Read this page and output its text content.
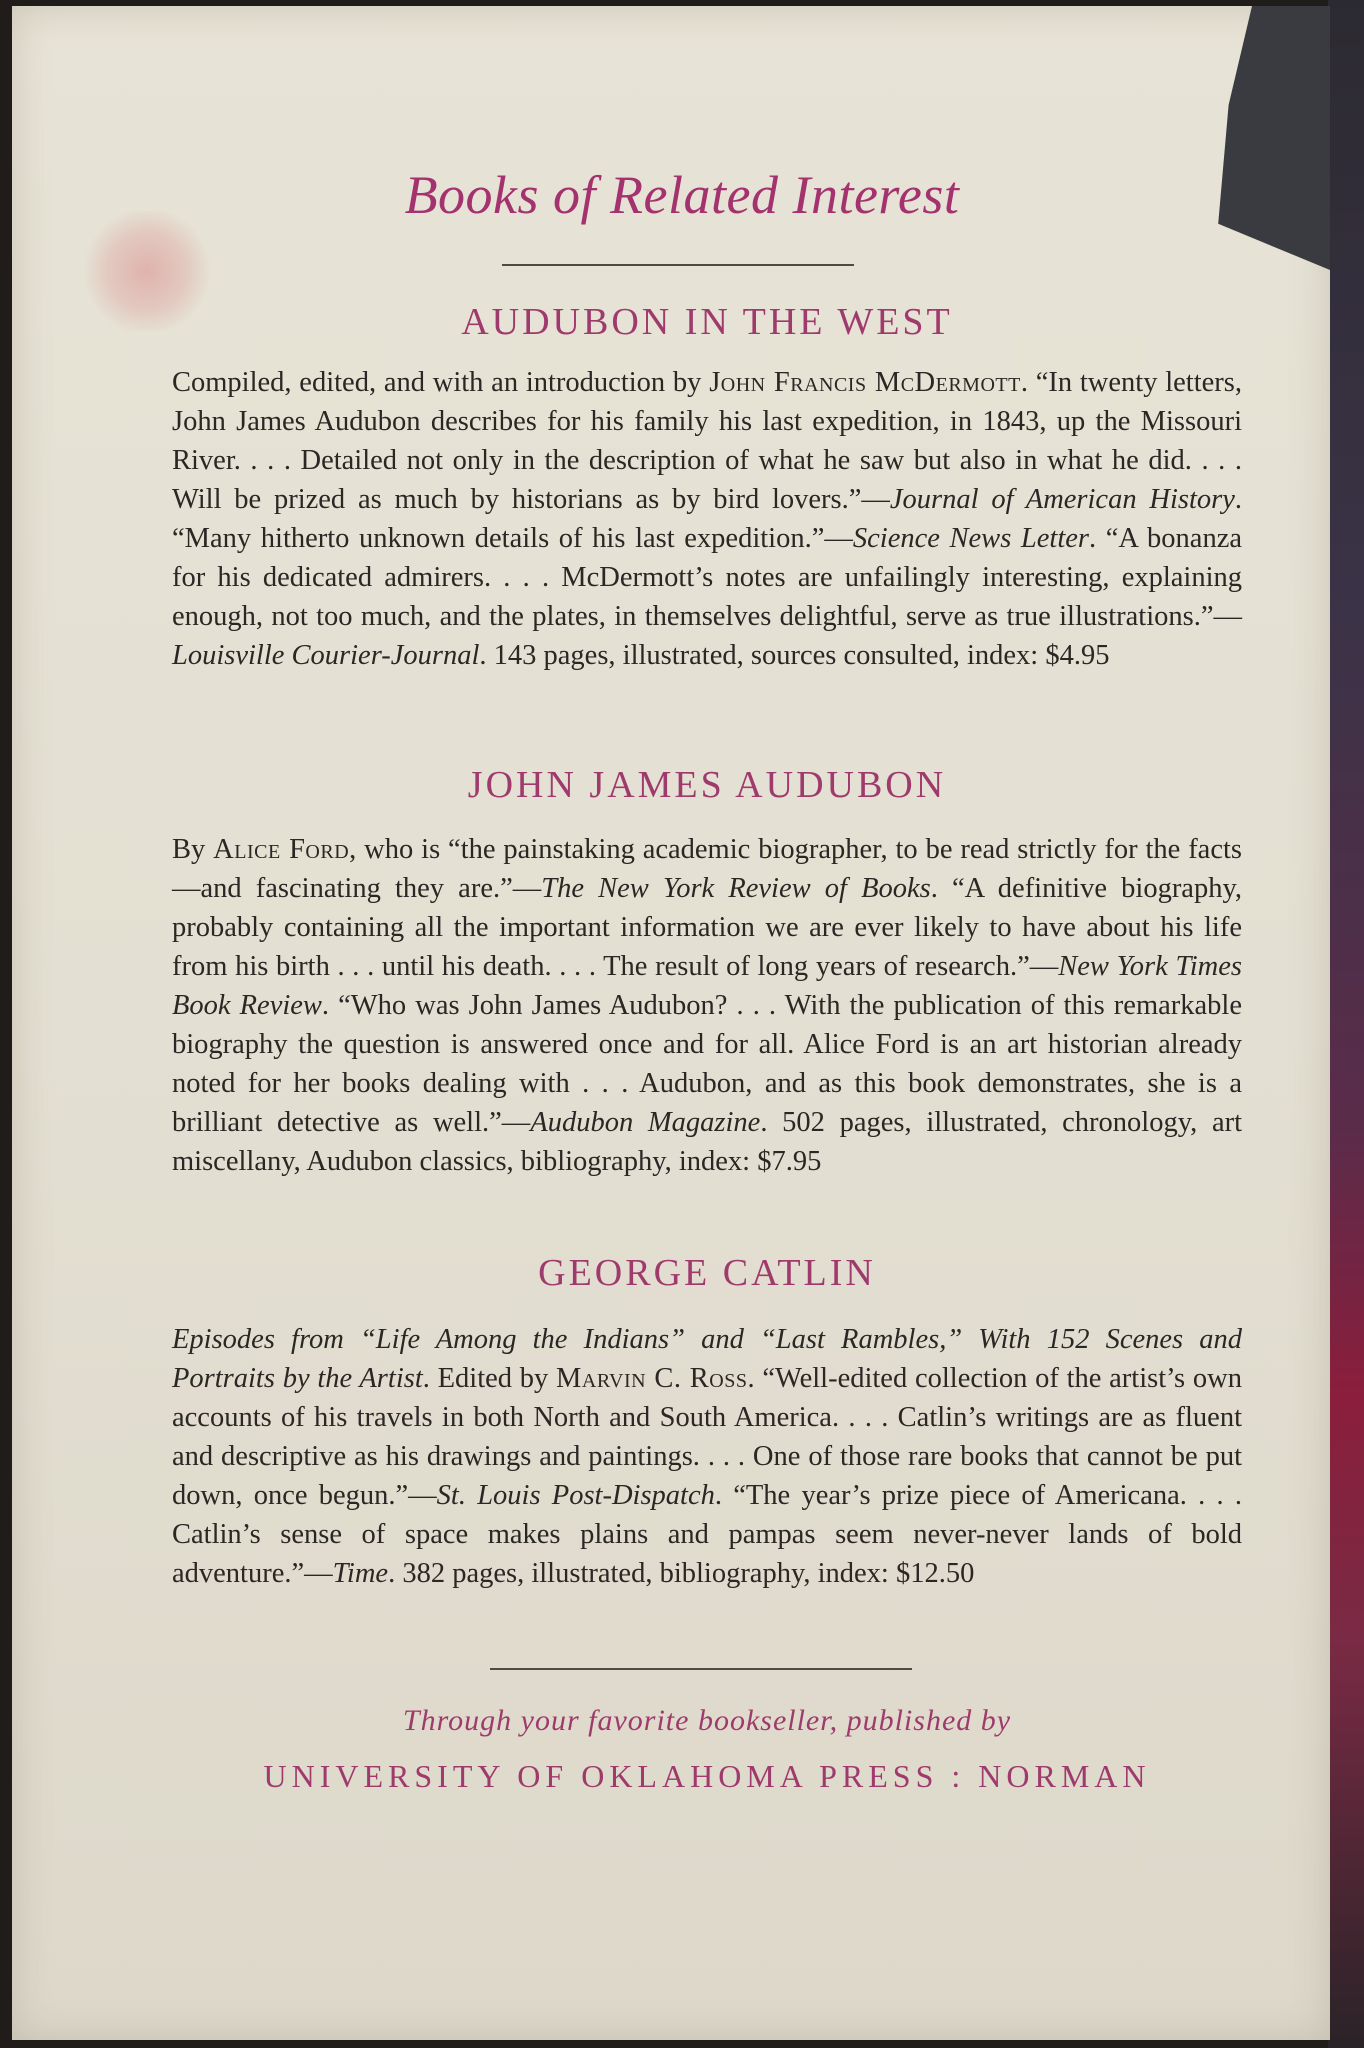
Books of Related Interest
AUDUBON IN THE WEST
Compiled, edited, and with an introduction by John Francis McDermott. “In twenty letters, John James Audubon describes for his family his last expedition, in 1843, up the Missouri River. . . . Detailed not only in the description of what he saw but also in what he did. . . . Will be prized as much by historians as by bird lovers.”—Journal of American History. “Many hitherto unknown details of his last expedition.”—Science News Letter. “A bonanza for his dedicated admirers. . . . McDermott’s notes are unfailingly interesting, explaining enough, not too much, and the plates, in themselves delightful, serve as true illustrations.”—Louisville Courier-Journal. 143 pages, illustrated, sources consulted, index: $4.95
JOHN JAMES AUDUBON
By Alice Ford, who is “the painstaking academic biographer, to be read strictly for the facts—and fascinating they are.”—The New York Review of Books. “A definitive biography, probably containing all the important information we are ever likely to have about his life from his birth . . . until his death. . . . The result of long years of research.”—New York Times Book Review. “Who was John James Audubon? . . . With the publication of this remarkable biography the question is answered once and for all. Alice Ford is an art historian already noted for her books dealing with . . . Audubon, and as this book demonstrates, she is a brilliant detective as well.”—Audubon Magazine. 502 pages, illustrated, chronology, art miscellany, Audubon classics, bibliography, index: $7.95
GEORGE CATLIN
Episodes from “Life Among the Indians” and “Last Rambles,” With 152 Scenes and Portraits by the Artist. Edited by Marvin C. Ross. “Well-edited collection of the artist’s own accounts of his travels in both North and South America. . . . Catlin’s writings are as fluent and descriptive as his drawings and paintings. . . . One of those rare books that cannot be put down, once begun.”—St. Louis Post-Dispatch. “The year’s prize piece of Americana. . . . Catlin’s sense of space makes plains and pampas seem never-never lands of bold adventure.”—Time. 382 pages, illustrated, bibliography, index: $12.50
Through your favorite bookseller, published by
UNIVERSITY OF OKLAHOMA PRESS : NORMAN
